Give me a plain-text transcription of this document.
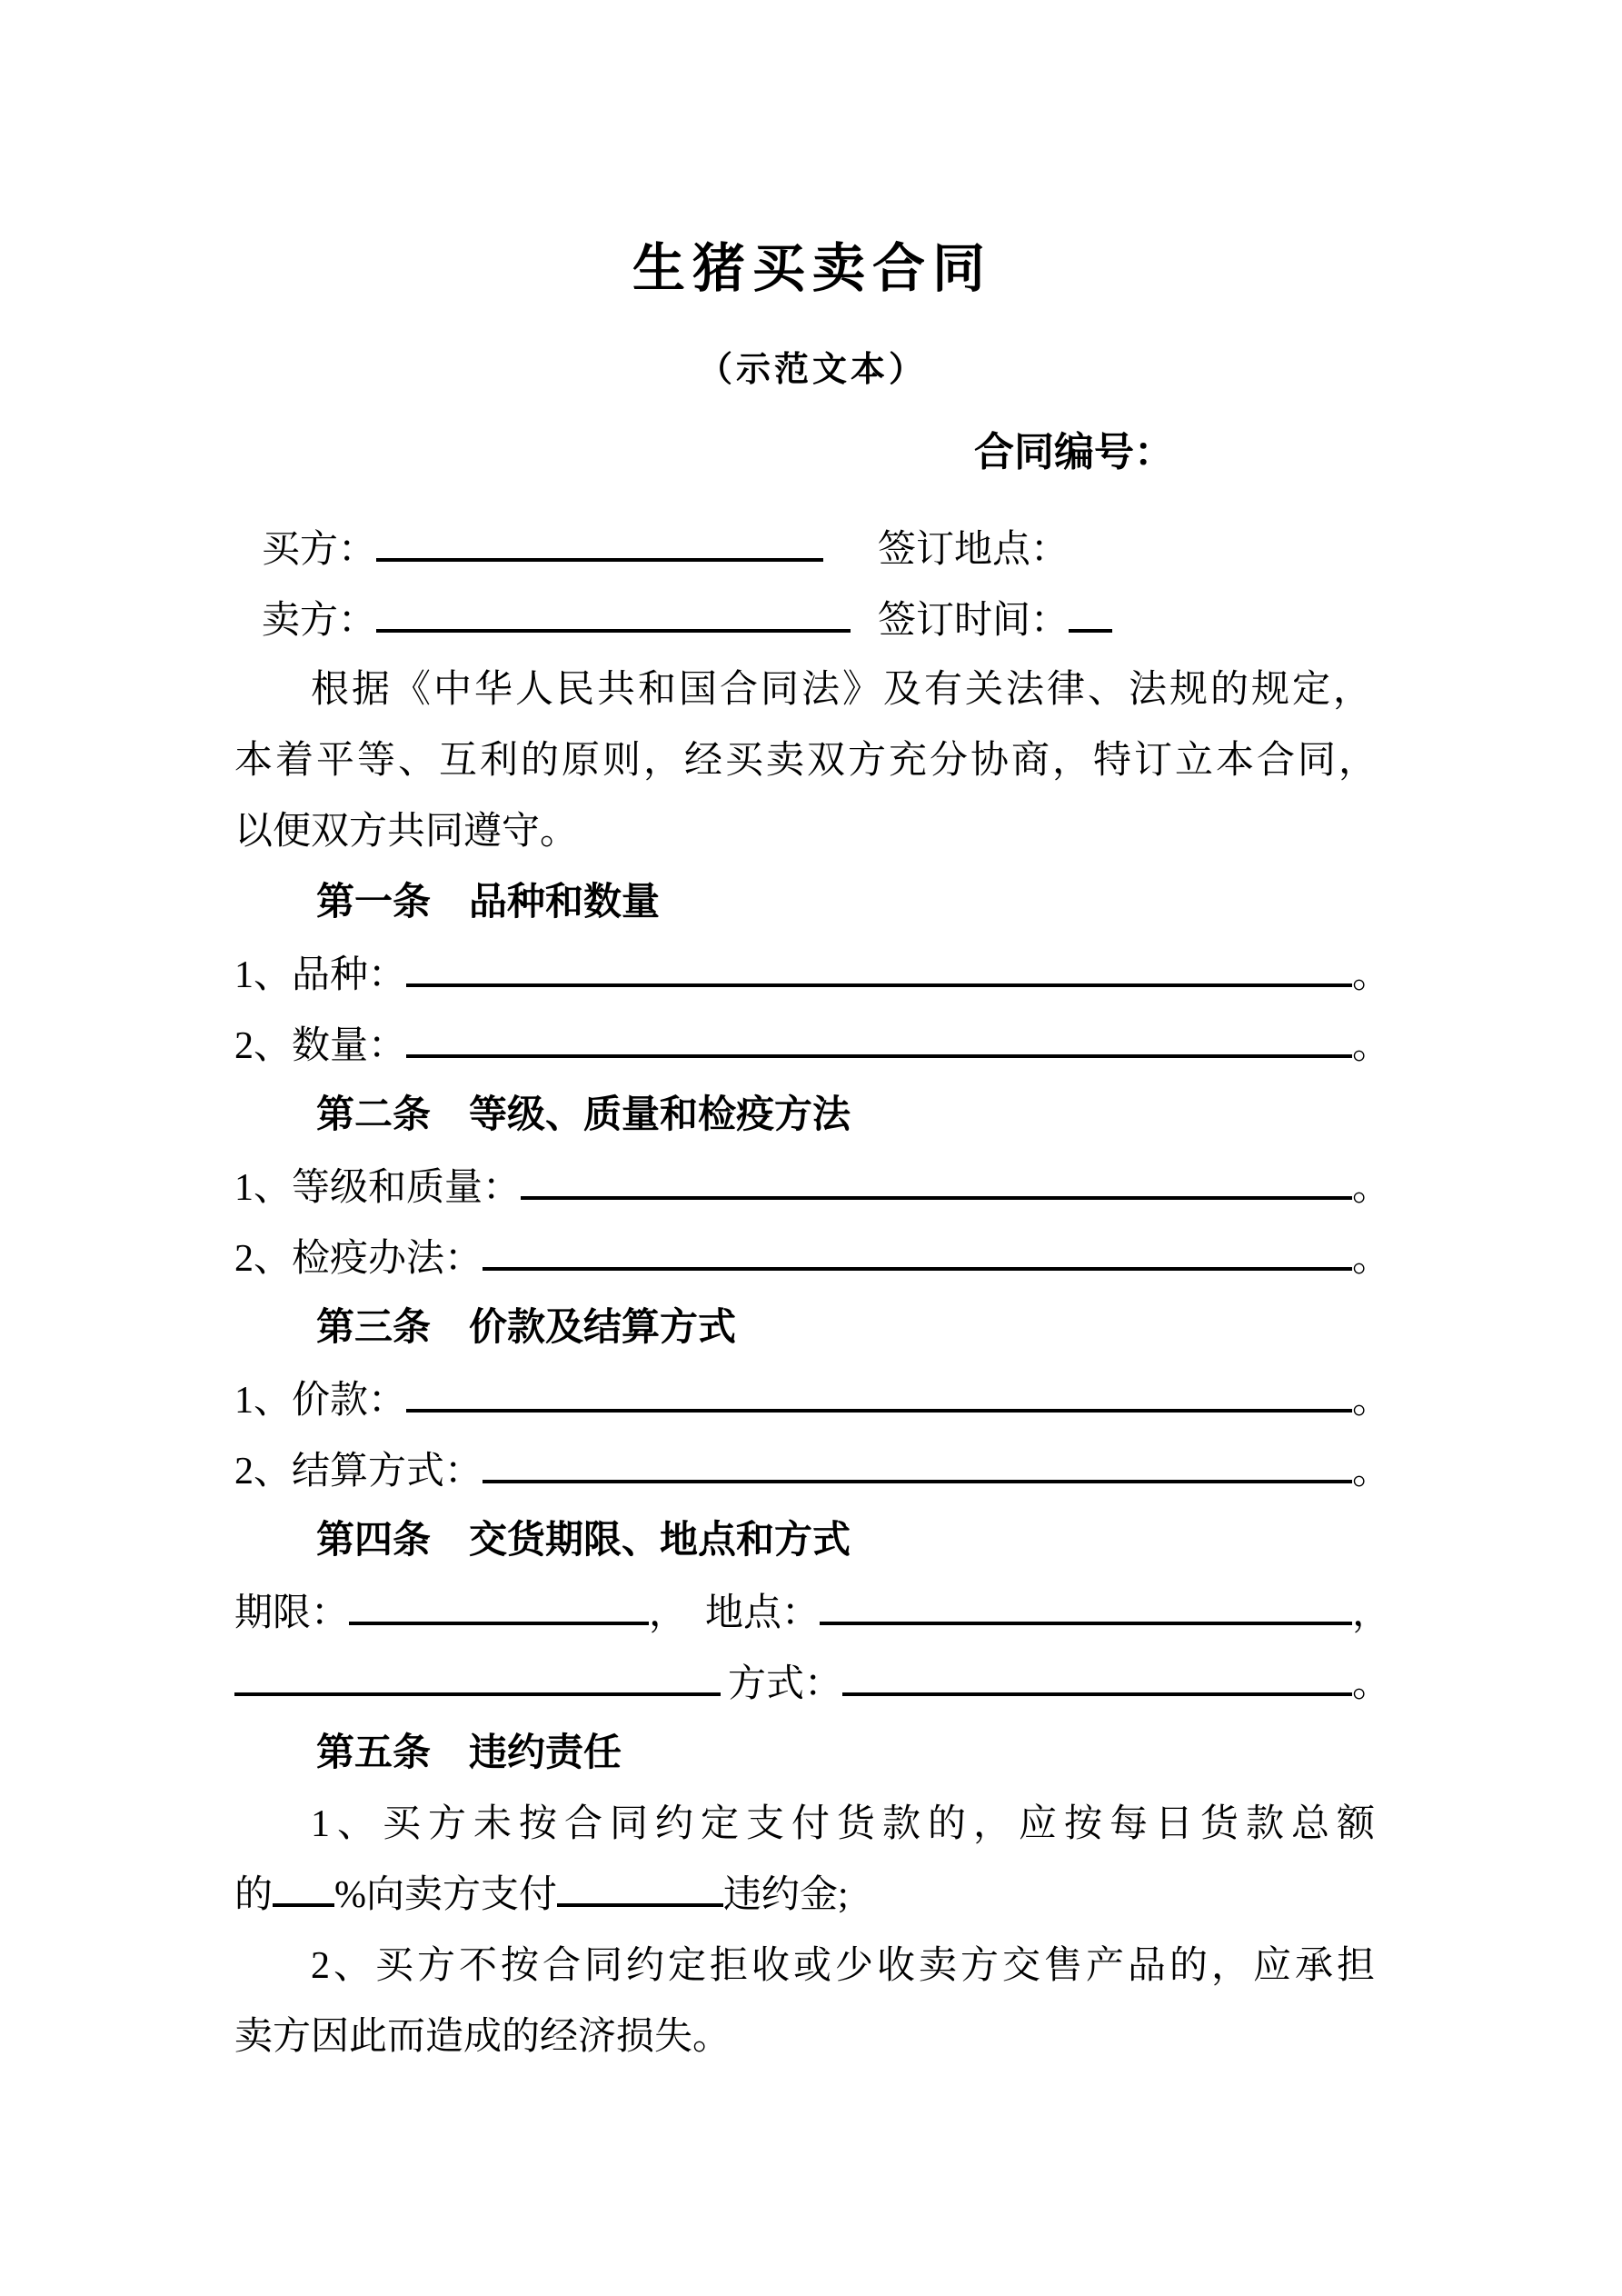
生猪买卖合同
（示范文本）
合同编号：
买方：	签订地点：
卖方：	签订时间：
根据《中华人民共和国合同法》及有关法律、法规的规定，
本着平等、互利的原则，经买卖双方充分协商，特订立本合同，
以便双方共同遵守。
第一条　品种和数量
1、品种：	。
2、数量：	。
第二条　等级、质量和检疫方法
1、等级和质量：	。
2、检疫办法：	。
第三条　价款及结算方式
1、价款：	。
2、结算方式：	。
第四条　交货期限、地点和方式
期限：	， 地点：	，
方式：	。
第五条　违约责任
1、买方未按合同约定支付货款的，应按每日货款总额
的 %向卖方支付	违约金;
2、买方不按合同约定拒收或少收卖方交售产品的，应承担
卖方因此而造成的经济损失。
